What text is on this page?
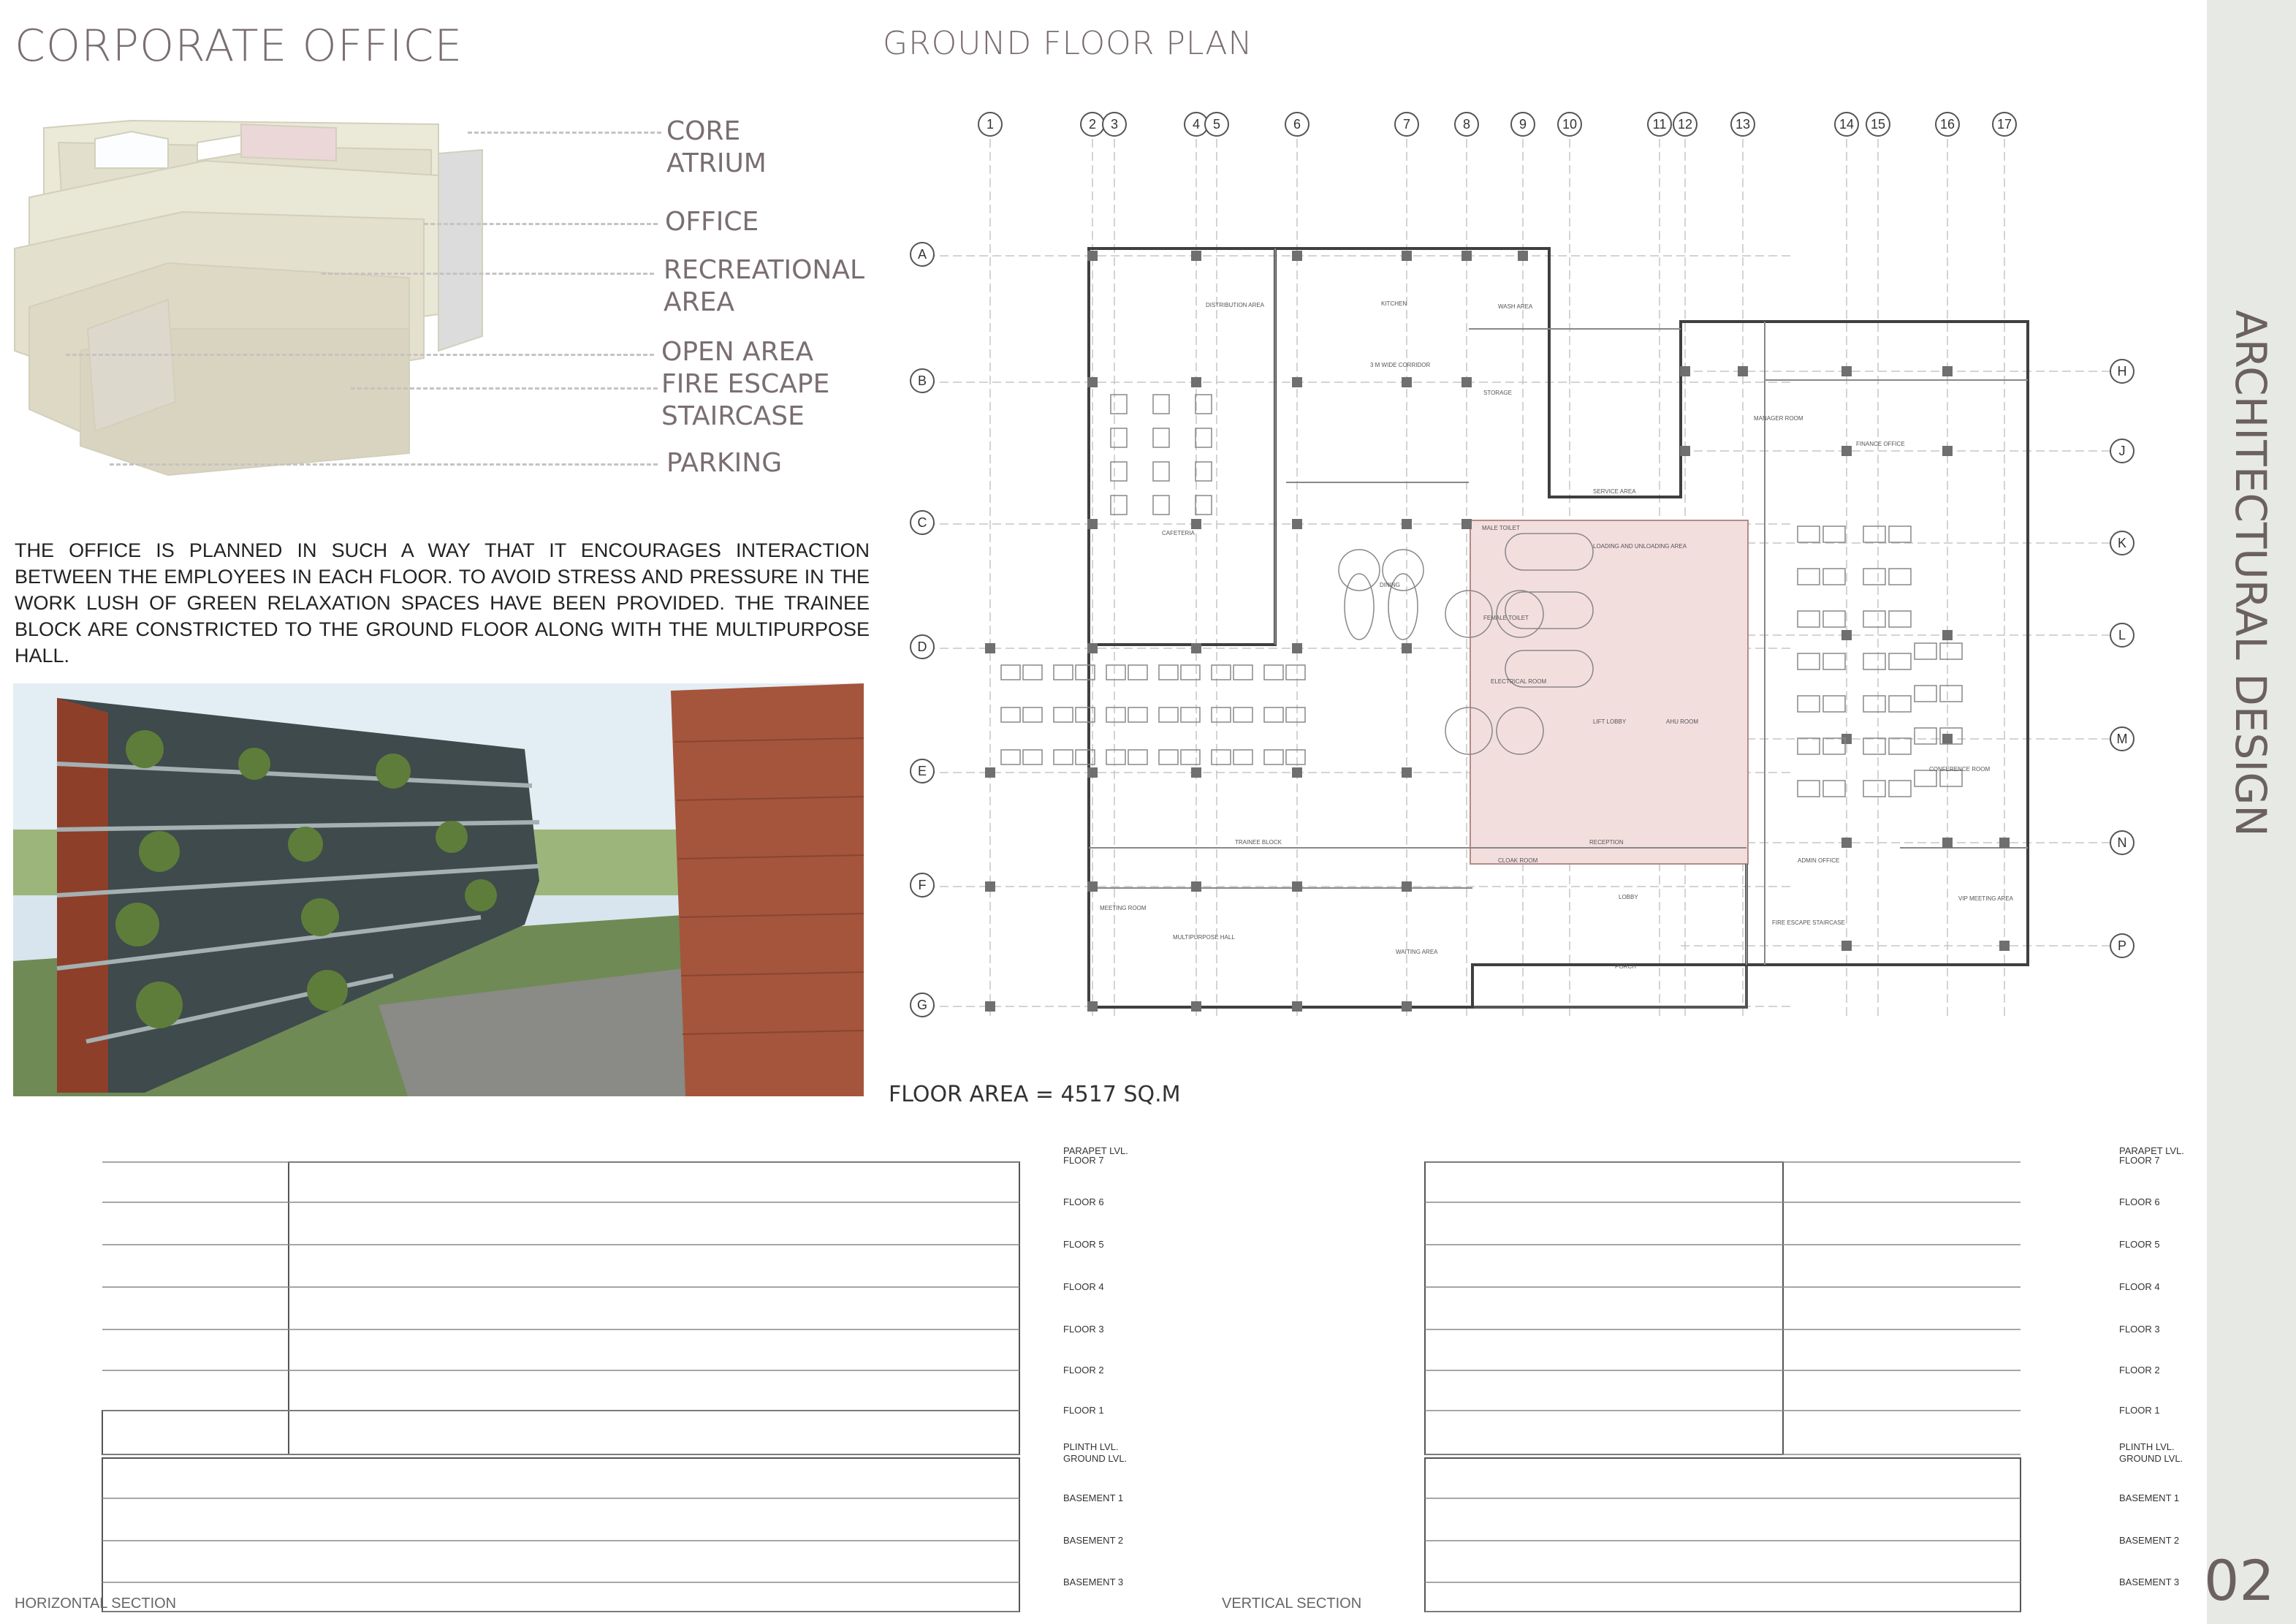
CORPORATE OFFICE	GROUND FLOOR PLAN
CORE
ATRIUM
OFFICE
RECREATIONAL
AREA
OPEN AREA
FIRE ESCAPE
STAIRCASE
PARKING
THE OFFICE IS PLANNED IN SUCH A WAY THAT IT ENCOURAGES INTERACTION BETWEEN THE EMPLOYEES IN EACH FLOOR. TO AVOID STRESS AND PRESSURE IN THE WORK LUSH OF GREEN RELAXATION SPACES HAVE BEEN PROVIDED. THE TRAINEE BLOCK ARE CONSTRICTED TO THE GROUND FLOOR ALONG WITH THE MULTIPURPOSE HALL.
1	2 3	4 5	6	7	8	9	10	11 12	13	14 15	16	17
A
B
C
D
E
F
G
H
J
K
L
M
N
P
DISTRIBUTION AREA	KITCHEN	WASH AREA
3 M WIDE CORRIDOR
STORAGE
CAFETERIA
DINING
MALE TOILET
FEMALE TOILET
LOADING AND UNLOADING AREA
SERVICE AREA
MANAGER ROOM
FINANCE OFFICE
CONFERENCE ROOM
ELECTRICAL ROOM
LIFT LOBBY	AHU ROOM
TRAINEE BLOCK
MEETING ROOM
WAITING AREA
RECEPTION
CLOAK ROOM
LOBBY
ADMIN OFFICE
MULTIPURPOSE HALL
PORCH
FIRE ESCAPE STAIRCASE
VIP MEETING AREA
FLOOR AREA = 4517 SQ.M
PARAPET LVL.
FLOOR 7
FLOOR 6
FLOOR 5
FLOOR 4
FLOOR 3
FLOOR 2
FLOOR 1
PLINTH LVL.
GROUND LVL.
BASEMENT 1
BASEMENT 2
BASEMENT 3
PARAPET LVL.
FLOOR 7
FLOOR 6
FLOOR 5
FLOOR 4
FLOOR 3
FLOOR 2
FLOOR 1
PLINTH LVL.
GROUND LVL.
BASEMENT 1
BASEMENT 2
BASEMENT 3
HORIZONTAL SECTION	VERTICAL SECTION	02
